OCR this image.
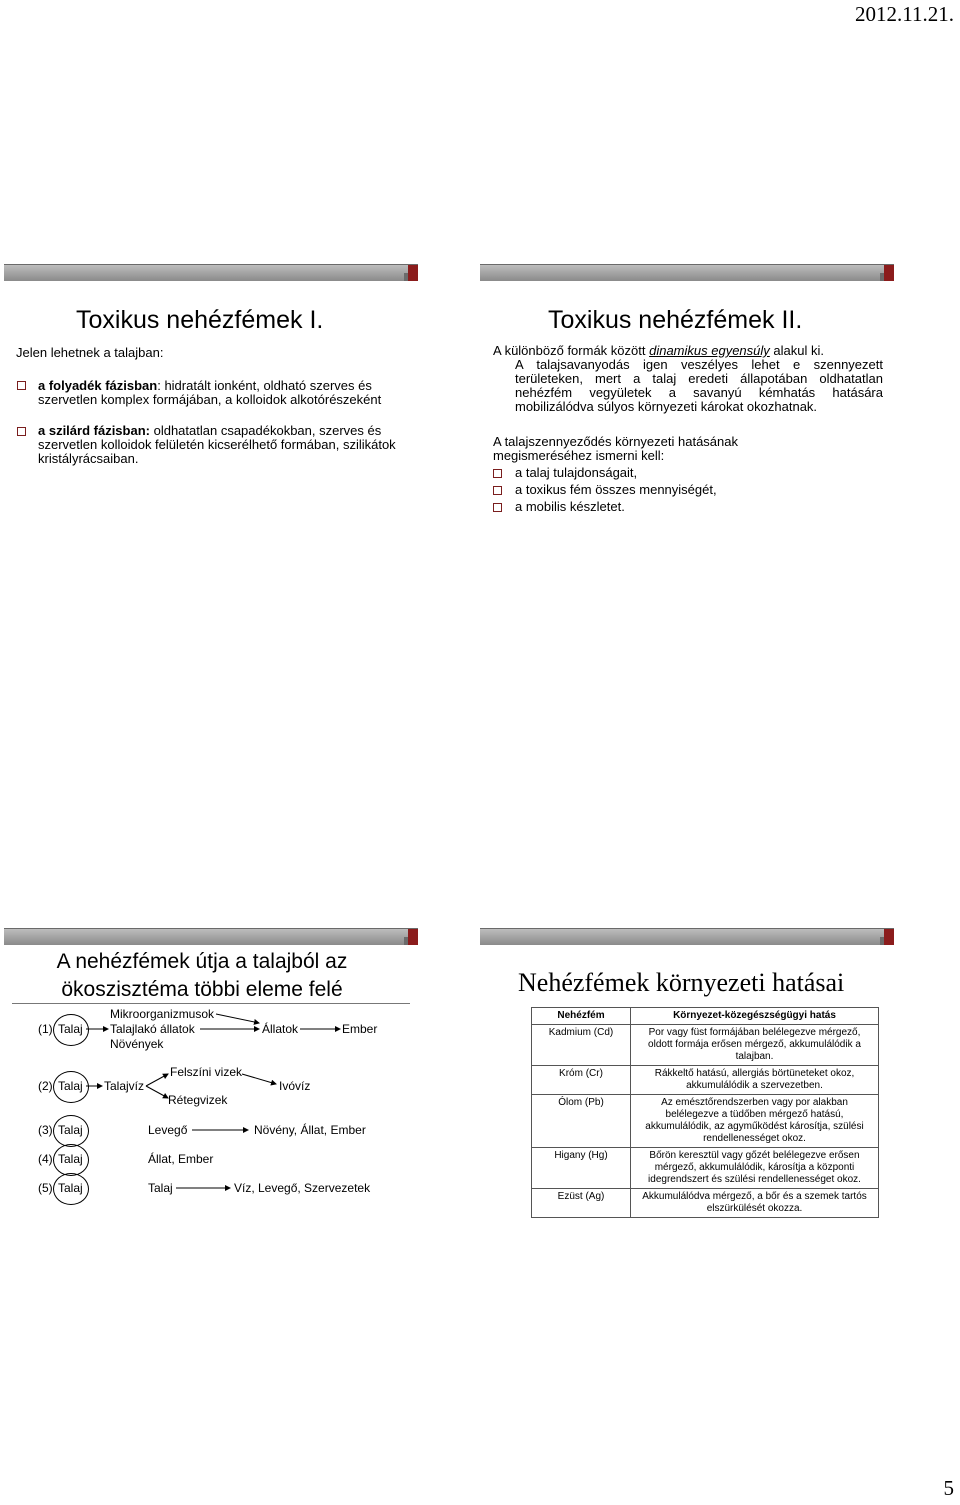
2012.11.21.
Toxikus nehézfémek I.
Jelen lehetnek a talajban:
a folyadék fázisban: hidratált ionként, oldható szerves és szervetlen komplex formájában, a kolloidok alkotórészeként
a szilárd fázisban: oldhatatlan csapadékokban, szerves és szervetlen kolloidok felületén kicserélhető formában, szilikátok kristályrácsaiban.
Toxikus nehézfémek II.
A különböző formák között dinamikus egyensúly alakul ki.
A talajsavanyodás igen veszélyes lehet e szennyezett területeken, mert a talaj eredeti állapotában oldhatatlan nehézfém vegyületek a savanyú kémhatás hatására mobilizálódva súlyos környezeti károkat okozhatnak.
A talajszennyeződés környezeti hatásának megismeréséhez ismerni kell:
a talaj tulajdonságait,
a toxikus fém összes mennyiségét,
a mobilis készletet.
A nehézfémek útja a talajból az
ökoszisztéma többi eleme felé
(1) Talaj
Mikroorganizmusok
Talajlakó állatok
Növények
Állatok	Ember
(2) Talaj Talajvíz
Felszíni vizek
Rétegvizek
Ivóvíz
(3) Talaj	Levegő	Növény, Állat, Ember
(4) Talaj	Állat, Ember
(5) Talaj	Talaj	Víz, Levegő, Szervezetek
Nehézfémek környezeti hatásai
Nehézfém	Környezet-közegészségügyi hatás
Kadmium (Cd)	Por vagy füst formájában belélegezve mérgező, oldott formája erősen mérgező, akkumulálódik a talajban.
Króm (Cr)	Rákkeltő hatású, allergiás börtüneteket okoz, akkumulálódik a szervezetben.
Ólom (Pb)	Az emésztőrendszerben vagy por alakban belélegezve a tüdőben mérgező hatású, akkumulálódik, az agyműködést károsítja, szülési rendellenességet okoz.
Higany (Hg)	Bőrön keresztül vagy gőzét belélegezve erősen mérgező, akkumulálódik, károsítja a központi idegrendszert és szülési rendellenességet okoz.
Ezüst (Ag)	Akkumulálódva mérgező, a bőr és a szemek tartós elszürkülését okozza.
5
